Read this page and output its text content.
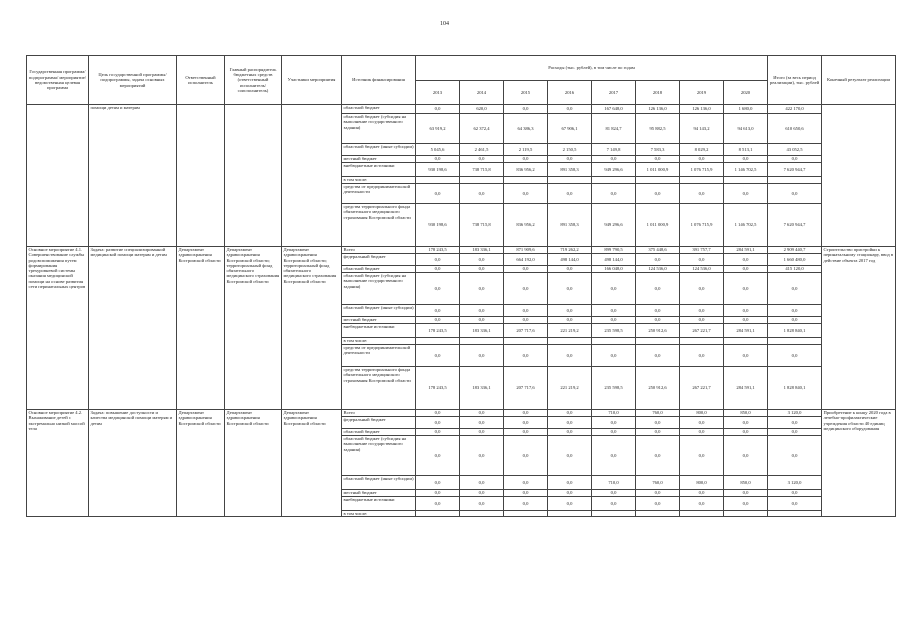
104
Государственная программа/подпрограмма/ мероприятие/ ведомственная целевая программа	Цель государственной программы/подпрограммы, задача основных мероприятий	Ответственный исполнитель	Главный распорядитель бюджетных средств (ответственный исполнитель/ соисполнитель)	Участники мероприятия	Источник финансирования	Расходы (тыс. рублей), в том числе по годам								Итого (за весь период реализации), тыс. рублей	Конечный результат реализации
						2013	2014	2015	2016	2017	2018	2019	2020		
	помощи детям и матерям				областной бюджет	0,0	620,0	0,0	0,0	167 648,0	126 136,0	126 136,0	1 680,0	422 170,0	
					областной бюджет (субсидия на выполнение государственного задания)	63 919,2	62 372,4	64 386,3	67 906,1	81 824,7	95 882,5	94 143,2	94 613,0	610 650,6	
					областной бюджет (иные субсидии)	5 045,6	2 461,5	2 119,5	2 150,5	7 149,8	7 583,3	8 029,2	8 513,1	43 052,5	
					местный бюджет	0,0	0,0	0,0	0,0	0,0	0,0	0,0	0,0	0,0	
					внебюджетные источники	930 198,6	738 715,8	836 956,2	891 358,3	949 296,6	1 011 000,9	1 076 715,9	1 146 702,5	7 620 944,7	
					в том числе:										
					средства от предпринимательской деятельности	0,0	0,0	0,0	0,0	0,0	0,0	0,0	0,0	0,0	
					средства территориального фонда обязательного медицинского страхования Костромской области	930 198,6	738 715,8	836 956,2	891 358,3	949 296,6	1 011 000,9	1 076 715,9	1 146 702,5	7 620 944,7	
Основное мероприятие 4.1. Совершенствование службы родовспоможения путем формирования трехуровневой системы оказания медицинской помощи на основе развития сети перинатальных центров	Задача: развитие специализированной медицинской помощи матерям и детям	Департамент здравоохранения Костромской области	Департамент здравоохранения Костромской области; территориальный фонд обязательного медицинского страхования Костромской области	Департамент здравоохранения Костромской области; территориальный фонд обязательного медицинского страхования Костромской области	Всего	178 243,5	183 336,1	871 909,6	719 262,2	899 790,5	375 448,6	391 757,7	284 591,1	2 909 440,7	Строительство пристройки к перинатальному стационару, ввод в действие объекта 2017 год
					федеральный бюджет	0,0	0,0	664 192,0	498 144,0	498 144,0	0,0	0,0	0,0	1 660 480,0	
					областной бюджет	0,0	0,0	0,0	0,0	166 048,0	124 536,0	124 536,0	0,0	415 120,0	
					областной бюджет (субсидия на выполнение государственного задания)	0,0	0,0	0,0	0,0	0,0	0,0	0,0	0,0	0,0	
					областной бюджет (иные субсидии)	0,0	0,0	0,0	0,0	0,0	0,0	0,0	0,0	0,0	
					местный бюджет	0,0	0,0	0,0	0,0	0,0	0,0	0,0	0,0	0,0	
					внебюджетные источники	178 243,5	183 336,1	207 717,6	221 219,2	235 598,5	250 912,6	267 221,7	284 591,1	1 828 840,1	
					в том числе:										
					средства от предпринимательской деятельности	0,0	0,0	0,0	0,0	0,0	0,0	0,0	0,0	0,0	
					средства территориального фонда обязательного медицинского страхования Костромской области	178 243,5	183 336,1	207 717,6	221 219,2	235 598,5	250 912,6	267 221,7	284 591,1	1 828 840,1	
Основное мероприятие 4.2. Выхаживание детей с экстремально низкой массой тела	Задача: повышение доступности и качества медицинской помощи матерям и детям	Департамент здравоохранения Костромской области	Департамент здравоохранения Костромской области	Департамент здравоохранения Костромской области	Всего	0,0	0,0	0,0	0,0	710,0	760,0	800,0	850,0	3 120,0	Приобретение к концу 2020 года в лечебно-профилактические учреждения области 40 единиц медицинского оборудования
					федеральный бюджет	0,0	0,0	0,0	0,0	0,0	0,0	0,0	0,0	0,0	
					областной бюджет	0,0	0,0	0,0	0,0	0,0	0,0	0,0	0,0	0,0	
					областной бюджет (субсидия на выполнение государственного задания)	0,0	0,0	0,0	0,0	0,0	0,0	0,0	0,0	0,0	
					областной бюджет (иные субсидии)	0,0	0,0	0,0	0,0	710,0	760,0	800,0	850,0	3 120,0	
					местный бюджет	0,0	0,0	0,0	0,0	0,0	0,0	0,0	0,0	0,0	
					внебюджетные источники	0,0	0,0	0,0	0,0	0,0	0,0	0,0	0,0	0,0	
					в том числе:										
